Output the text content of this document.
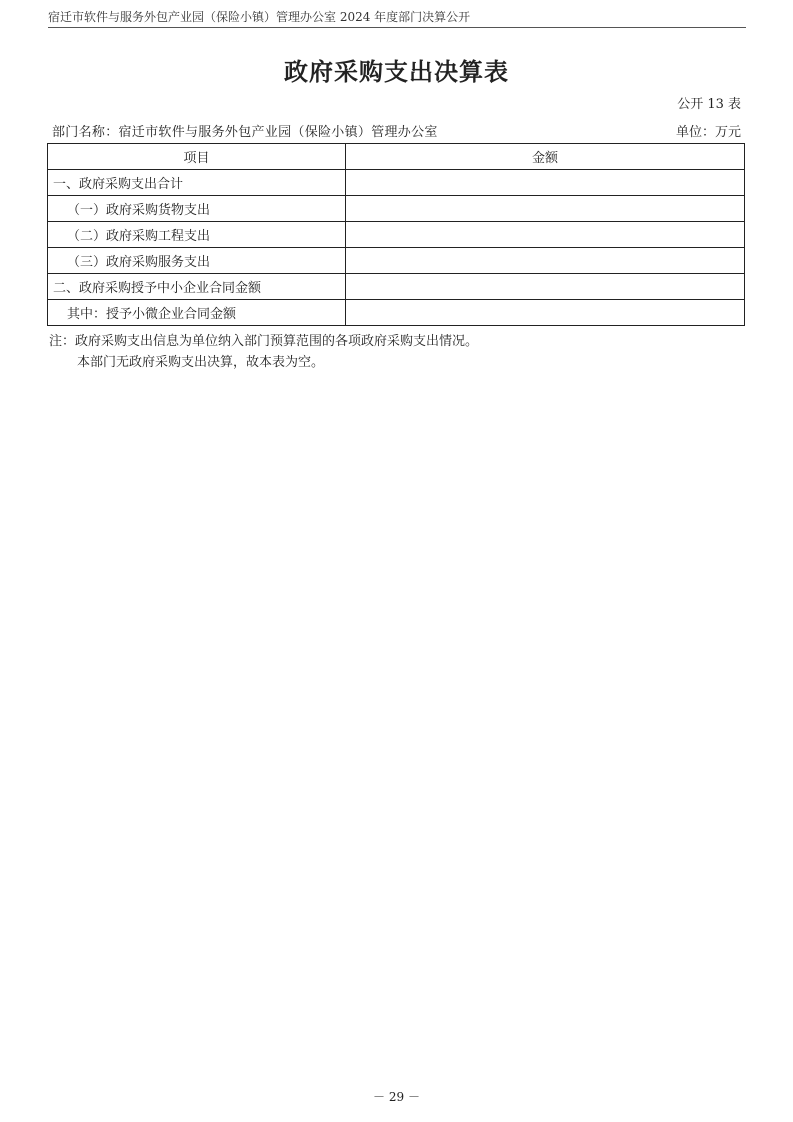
宿迁市软件与服务外包产业园（保险小镇）管理办公室 2024 年度部门决算公开
政府采购支出决算表
公开 13 表
部门名称：宿迁市软件与服务外包产业园（保险小镇）管理办公室	单位：万元
项目	金额
一、政府采购支出合计	
（一）政府采购货物支出	
（二）政府采购工程支出	
（三）政府采购服务支出	
二、政府采购授予中小企业合同金额	
其中：授予小微企业合同金额	
注：政府采购支出信息为单位纳入部门预算范围的各项政府采购支出情况。
本部门无政府采购支出决算，故本表为空。
－ 29 －
